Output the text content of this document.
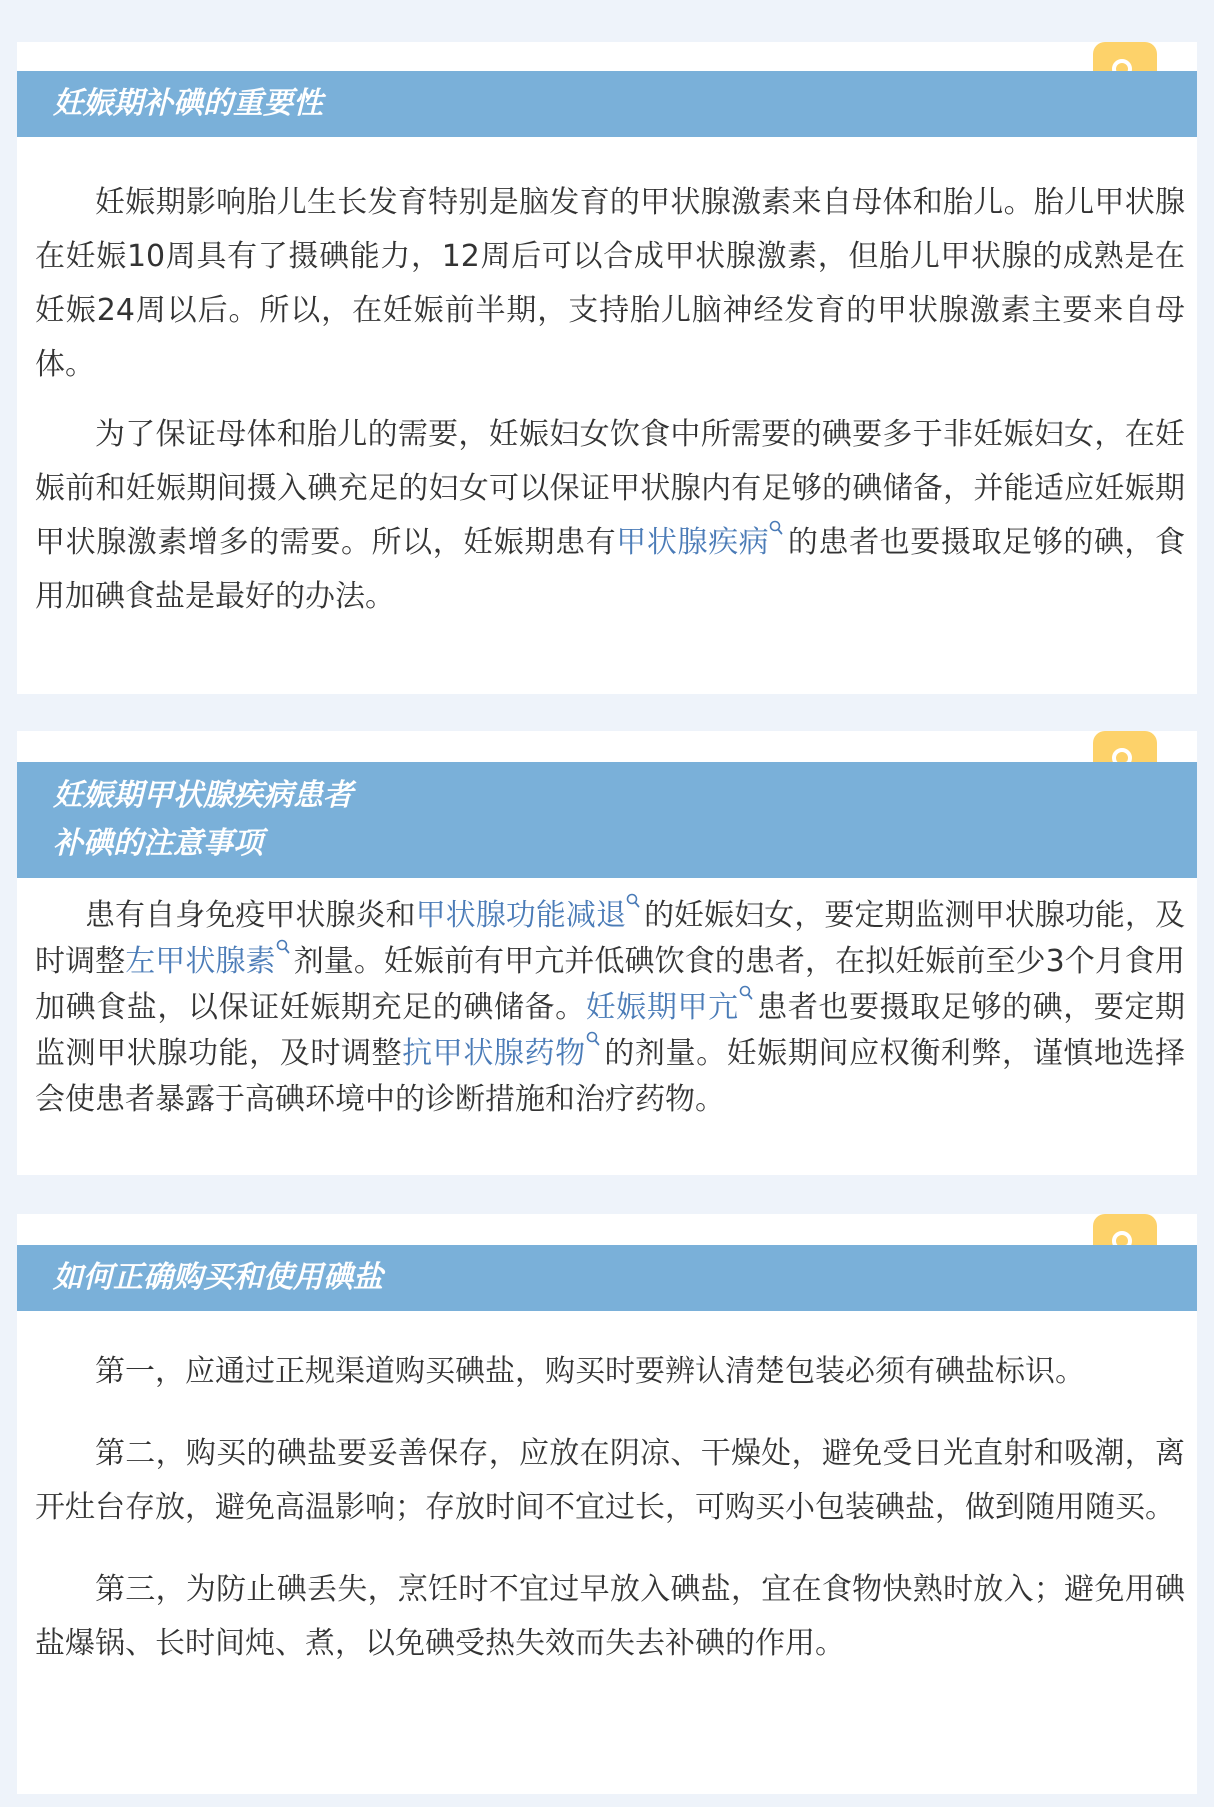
妊娠期补碘的重要性

妊娠期影响胎儿生长发育特别是脑发育的甲状腺激素来自母体和胎儿。胎儿甲状腺在妊娠10周具有了摄碘能力，12周后可以合成甲状腺激素，但胎儿甲状腺的成熟是在妊娠24周以后。所以，在妊娠前半期，支持胎儿脑神经发育的甲状腺激素主要来自母体。

为了保证母体和胎儿的需要，妊娠妇女饮食中所需要的碘要多于非妊娠妇女，在妊娠前和妊娠期间摄入碘充足的妇女可以保证甲状腺内有足够的碘储备，并能适应妊娠期甲状腺激素增多的需要。所以，妊娠期患有甲状腺疾病 的患者也要摄取足够的碘，食用加碘食盐是最好的办法。

妊娠期甲状腺疾病患者
补碘的注意事项

患有自身免疫甲状腺炎和甲状腺功能减退 的妊娠妇女，要定期监测甲状腺功能，及时调整左甲状腺素 剂量。妊娠前有甲亢并低碘饮食的患者，在拟妊娠前至少3个月食用加碘食盐，以保证妊娠期充足的碘储备。妊娠期甲亢 患者也要摄取足够的碘，要定期监测甲状腺功能，及时调整抗甲状腺药物 的剂量。妊娠期间应权衡利弊，谨慎地选择会使患者暴露于高碘环境中的诊断措施和治疗药物。

如何正确购买和使用碘盐

第一，应通过正规渠道购买碘盐，购买时要辨认清楚包装必须有碘盐标识。

第二，购买的碘盐要妥善保存，应放在阴凉、干燥处，避免受日光直射和吸潮，离开灶台存放，避免高温影响；存放时间不宜过长，可购买小包装碘盐，做到随用随买。

第三，为防止碘丢失，烹饪时不宜过早放入碘盐，宜在食物快熟时放入；避免用碘盐爆锅、长时间炖、煮，以免碘受热失效而失去补碘的作用。
